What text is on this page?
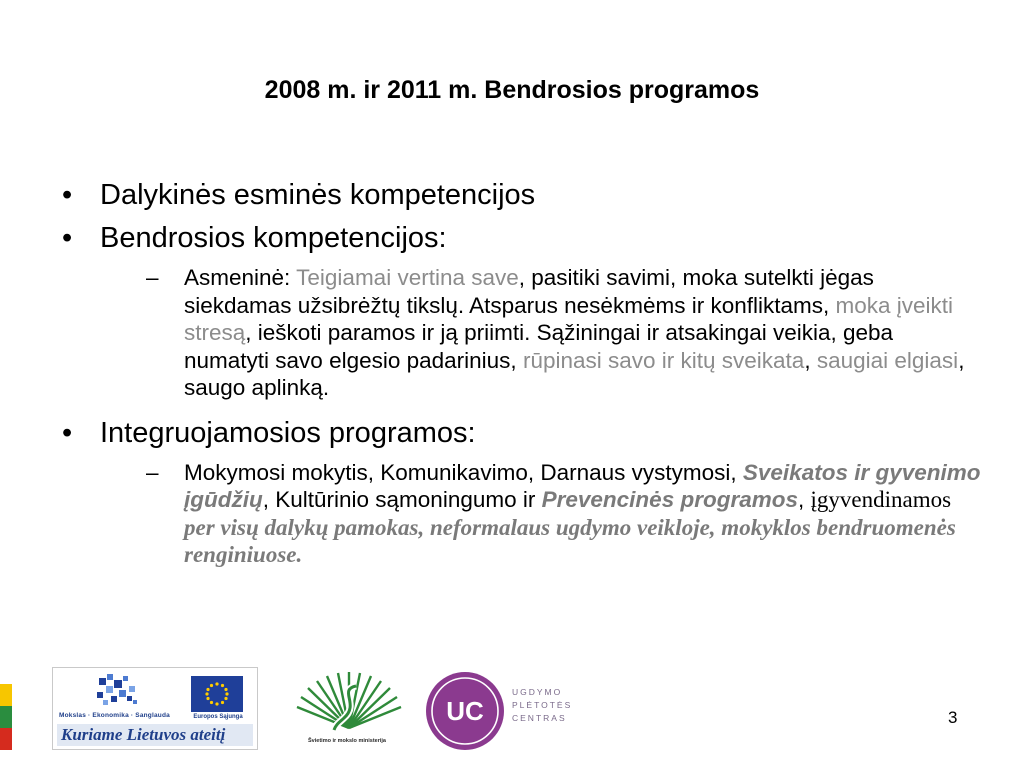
2008 m. ir 2011 m. Bendrosios programos
• Dalykinės esminės kompetencijos
• Bendrosios kompetencijos:
– Asmeninė: Teigiamai vertina save, pasitiki savimi, moka sutelkti jėgas siekdamas užsibrėžtų tikslų. Atsparus nesėkmėms ir konfliktams, moka įveikti stresą, ieškoti paramos ir ją priimti. Sąžiningai ir atsakingai veikia, geba numatyti savo elgesio padarinius, rūpinasi savo ir kitų sveikata, saugiai elgiasi, saugo aplinką.
• Integruojamosios programos:
– Mokymosi mokytis, Komunikavimo, Darnaus vystymosi, Sveikatos ir gyvenimo įgūdžių, Kultūrinio sąmoningumo ir Prevencinės programos, įgyvendinamos per visų dalykų pamokas, neformalaus ugdymo veikloje, mokyklos bendruomenės renginiuose.
Mokslas · Ekonomika · Sanglauda	Europos Sąjunga
Kuriame Lietuvos ateitį	Švietimo ir mokslo ministerija
UC
UGDYMO
PLĖTOTĖS
CENTRAS	3
